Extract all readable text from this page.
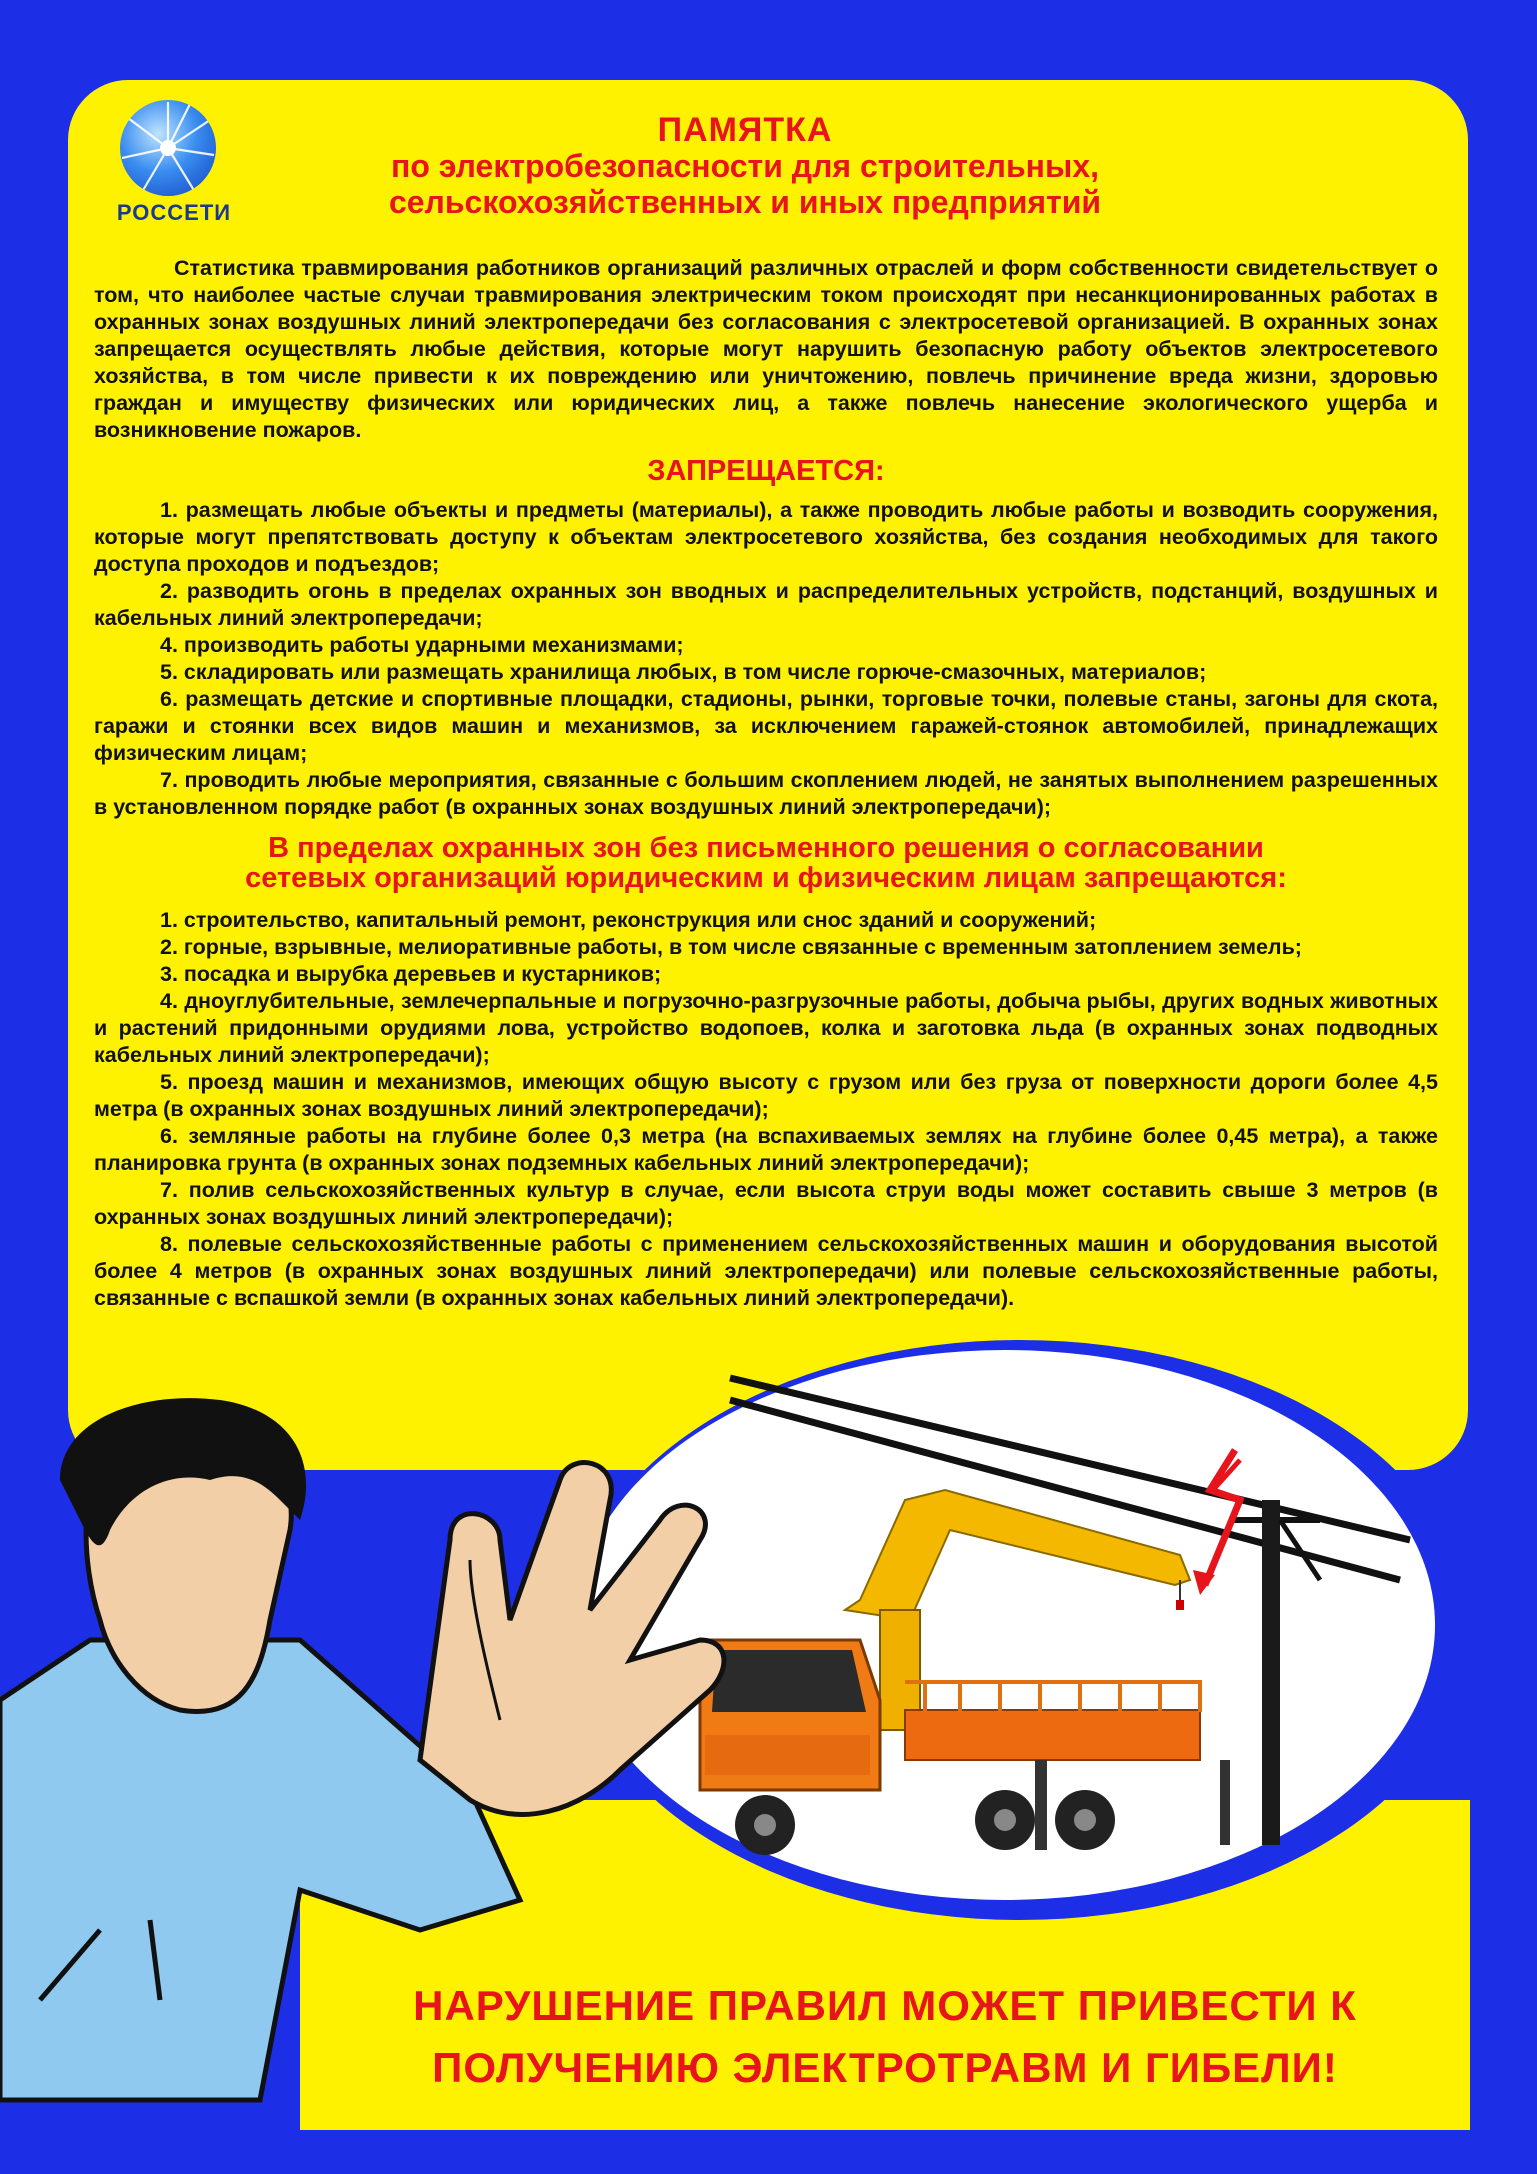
РОССЕТИ
ПАМЯТКА
по электробезопасности для строительных,
сельскохозяйственных и иных предприятий
Статистика травмирования работников организаций различных отраслей и форм собственности свидетельствует о том, что наиболее частые случаи травмирования электрическим током происходят при несанкционированных работах в охранных зонах воздушных линий электропередачи без согласования с электросетевой организацией. В охранных зонах запрещается осуществлять любые действия, которые могут нарушить безопасную работу объектов электросетевого хозяйства, в том числе привести к их повреждению или уничтожению, повлечь причинение вреда жизни, здоровью граждан и имуществу физических или юридических лиц, а также повлечь нанесение экологического ущерба и возникновение пожаров.
ЗАПРЕЩАЕТСЯ:
1. размещать любые объекты и предметы (материалы), а также проводить любые работы и возводить сооружения, которые могут препятствовать доступу к объектам электросетевого хозяйства, без создания необходимых для такого доступа проходов и подъездов;
2. разводить огонь в пределах охранных зон вводных и распределительных устройств, подстанций, воздушных и кабельных линий электропередачи;
4. производить работы ударными механизмами;
5. складировать или размещать хранилища любых, в том числе горюче-смазочных, материалов;
6. размещать детские и спортивные площадки, стадионы, рынки, торговые точки, полевые станы, загоны для скота, гаражи и стоянки всех видов машин и механизмов, за исключением гаражей-стоянок автомобилей, принадлежащих физическим лицам;
7. проводить любые мероприятия, связанные с большим скоплением людей, не занятых выполнением разрешенных в установленном порядке работ (в охранных зонах воздушных линий электропередачи);
В пределах охранных зон без письменного решения о согласовании
сетевых организаций юридическим и физическим лицам запрещаются:
1. строительство, капитальный ремонт, реконструкция или снос зданий и сооружений;
2. горные, взрывные, мелиоративные работы, в том числе связанные с временным затоплением земель;
3. посадка и вырубка деревьев и кустарников;
4. дноуглубительные, землечерпальные и погрузочно-разгрузочные работы, добыча рыбы, других водных животных и растений придонными орудиями лова, устройство водопоев, колка и заготовка льда (в охранных зонах подводных кабельных линий электропередачи);
5. проезд машин и механизмов, имеющих общую высоту с грузом или без груза от поверхности дороги более 4,5 метра (в охранных зонах воздушных линий электропередачи);
6. земляные работы на глубине более 0,3 метра (на вспахиваемых землях на глубине более 0,45 метра), а также планировка грунта (в охранных зонах подземных кабельных линий электропередачи);
7. полив сельскохозяйственных культур в случае, если высота струи воды может составить свыше 3 метров (в охранных зонах воздушных линий электропередачи);
8. полевые сельскохозяйственные работы с применением сельскохозяйственных машин и оборудования высотой более 4 метров (в охранных зонах воздушных линий электропередачи) или полевые сельскохозяйственные работы, связанные с вспашкой земли (в охранных зонах кабельных линий электропередачи).
НАРУШЕНИЕ ПРАВИЛ МОЖЕТ ПРИВЕСТИ К
ПОЛУЧЕНИЮ ЭЛЕКТРОТРАВМ И ГИБЕЛИ!
